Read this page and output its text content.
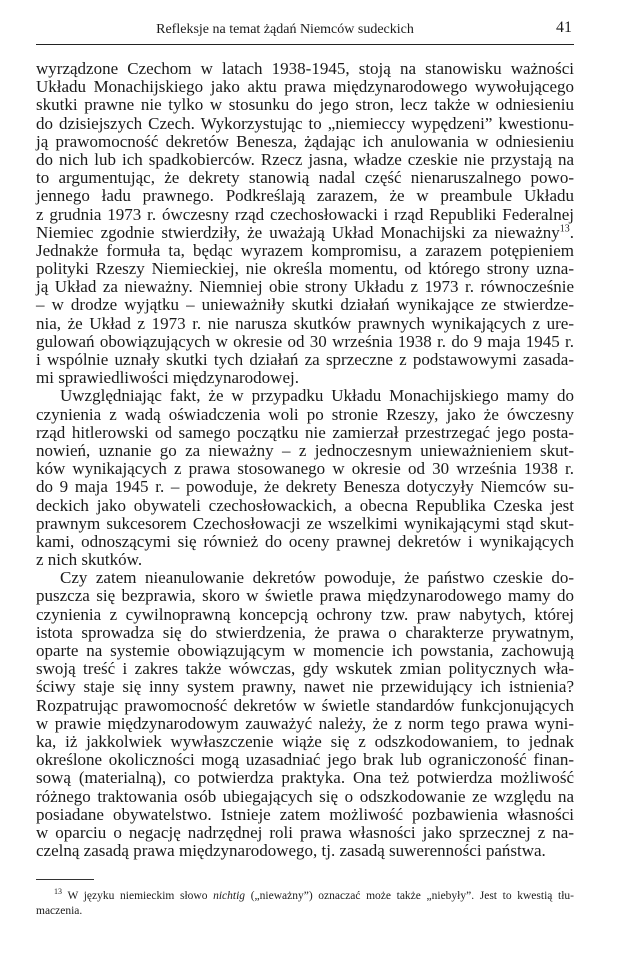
Refleksje na temat żądań Niemców sudeckich	41
wyrządzone Czechom w latach 1938-1945, stoją na stanowisku ważności
Układu Monachijskiego jako aktu prawa międzynarodowego wywołującego
skutki prawne nie tylko w stosunku do jego stron, lecz także w odniesieniu
do dzisiejszych Czech. Wykorzystując to „niemieccy wypędzeni” kwestionu-
ją prawomocność dekretów Benesza, żądając ich anulowania w odniesieniu
do nich lub ich spadkobierców. Rzecz jasna, władze czeskie nie przystają na
to argumentując, że dekrety stanowią nadal część nienaruszalnego powo-
jennego ładu prawnego. Podkreślają zarazem, że w preambule Układu
z grudnia 1973 r. ówczesny rząd czechosłowacki i rząd Republiki Federalnej
Niemiec zgodnie stwierdziły, że uważają Układ Monachijski za nieważny$^{13}$.
Jednakże formuła ta, będąc wyrazem kompromisu, a zarazem potępieniem
polityki Rzeszy Niemieckiej, nie określa momentu, od którego strony uzna-
ją Układ za nieważny. Niemniej obie strony Układu z 1973 r. równocześnie
– w drodze wyjątku – unieważniły skutki działań wynikające ze stwierdze-
nia, że Układ z 1973 r. nie narusza skutków prawnych wynikających z ure-
gulowań obowiązujących w okresie od 30 września 1938 r. do 9 maja 1945 r.
i wspólnie uznały skutki tych działań za sprzeczne z podstawowymi zasada-
mi sprawiedliwości międzynarodowej.
Uwzględniając fakt, że w przypadku Układu Monachijskiego mamy do
czynienia z wadą oświadczenia woli po stronie Rzeszy, jako że ówczesny
rząd hitlerowski od samego początku nie zamierzał przestrzegać jego posta-
nowień, uznanie go za nieważny – z jednoczesnym unieważnieniem skut-
ków wynikających z prawa stosowanego w okresie od 30 września 1938 r.
do 9 maja 1945 r. – powoduje, że dekrety Benesza dotyczyły Niemców su-
deckich jako obywateli czechosłowackich, a obecna Republika Czeska jest
prawnym sukcesorem Czechosłowacji ze wszelkimi wynikającymi stąd skut-
kami, odnoszącymi się również do oceny prawnej dekretów i wynikających
z nich skutków.
Czy zatem nieanulowanie dekretów powoduje, że państwo czeskie do-
puszcza się bezprawia, skoro w świetle prawa międzynarodowego mamy do
czynienia z cywilnoprawną koncepcją ochrony tzw. praw nabytych, której
istota sprowadza się do stwierdzenia, że prawa o charakterze prywatnym,
oparte na systemie obowiązującym w momencie ich powstania, zachowują
swoją treść i zakres także wówczas, gdy wskutek zmian politycznych wła-
ściwy staje się inny system prawny, nawet nie przewidujący ich istnienia?
Rozpatrując prawomocność dekretów w świetle standardów funkcjonujących
w prawie międzynarodowym zauważyć należy, że z norm tego prawa wyni-
ka, iż jakkolwiek wywłaszczenie wiąże się z odszkodowaniem, to jednak
określone okoliczności mogą uzasadniać jego brak lub ograniczoność finan-
sową (materialną), co potwierdza praktyka. Ona też potwierdza możliwość
różnego traktowania osób ubiegających się o odszkodowanie ze względu na
posiadane obywatelstwo. Istnieje zatem możliwość pozbawienia własności
w oparciu o negację nadrzędnej roli prawa własności jako sprzecznej z na-
czelną zasadą prawa międzynarodowego, tj. zasadą suwerenności państwa.
$^{13}$ W języku niemieckim słowo nichtig („nieważny”) oznaczać może także „niebyły”. Jest to kwestią tłu-
maczenia.
